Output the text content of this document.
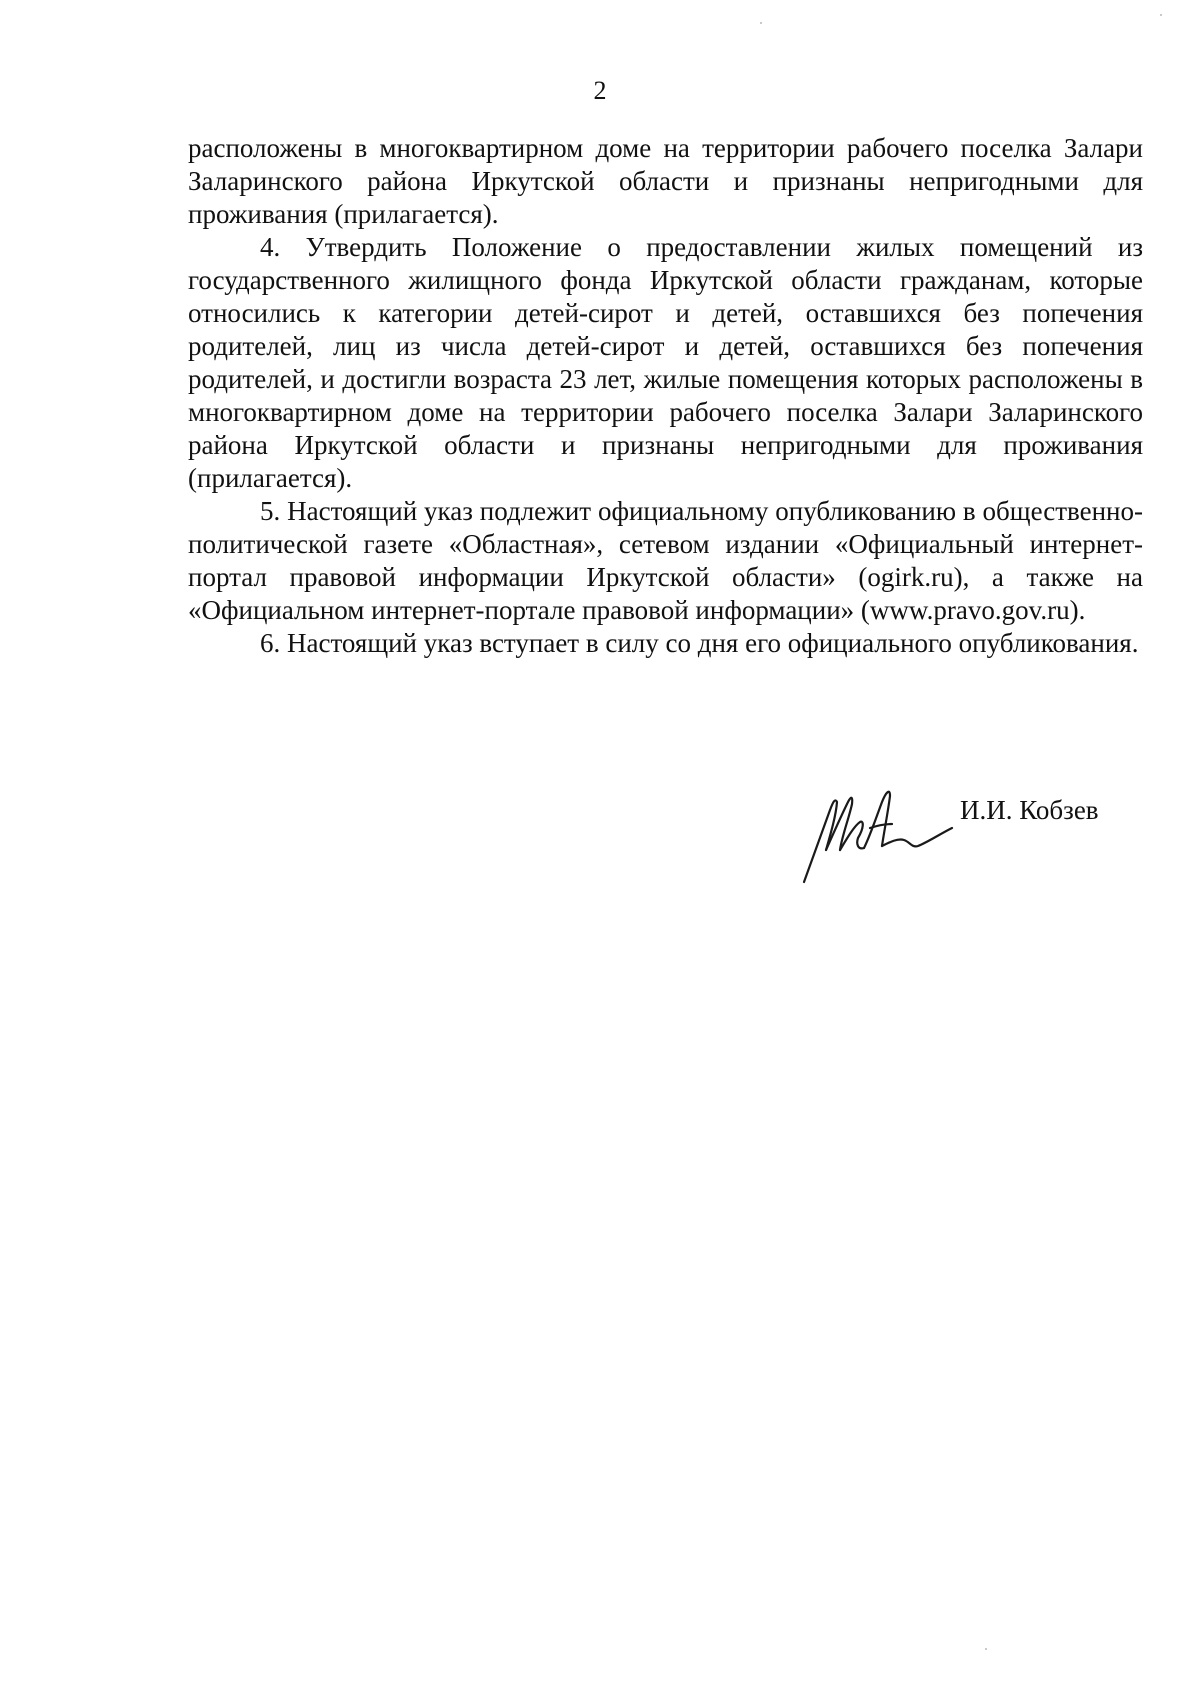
2

расположены в многоквартирном доме на территории рабочего поселка Залари Заларинского района Иркутской области и признаны непригодными для проживания (прилагается).

4. Утвердить Положение о предоставлении жилых помещений из государственного жилищного фонда Иркутской области гражданам, которые относились к категории детей-сирот и детей, оставшихся без попечения родителей, лиц из числа детей-сирот и детей, оставшихся без попечения родителей, и достигли возраста 23 лет, жилые помещения которых расположены в многоквартирном доме на территории рабочего поселка Залари Заларинского района Иркутской области и признаны непригодными для проживания (прилагается).

5. Настоящий указ подлежит официальному опубликованию в общественно-политической газете «Областная», сетевом издании «Официальный интернет-портал правовой информации Иркутской области» (ogirk.ru), а также на «Официальном интернет-портале правовой информации» (www.pravo.gov.ru).

6. Настоящий указ вступает в силу со дня его официального опубликования.

И.И. Кобзев
